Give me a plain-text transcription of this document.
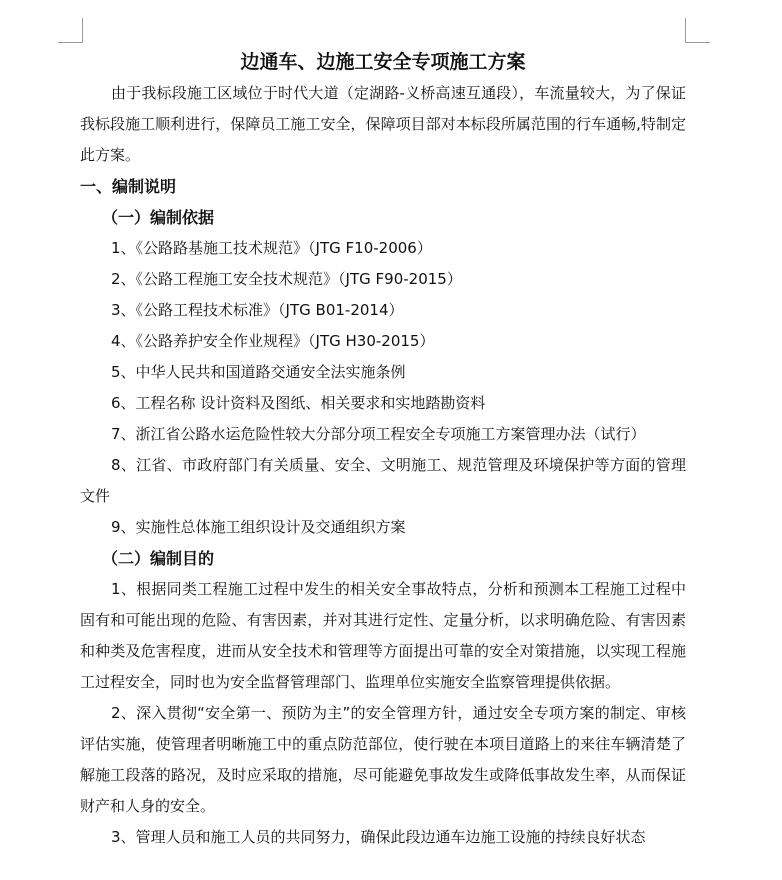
边通车、边施工安全专项施工方案

由于我标段施工区域位于时代大道（定湖路-义桥高速互通段），车流量较大，为了保证我标段施工顺利进行，保障员工施工安全，保障项目部对本标段所属范围的行车通畅,特制定此方案。

一、编制说明
（一）编制依据

1、《公路路基施工技术规范》（JTG F10-2006）

2、《公路工程施工安全技术规范》（JTG F90-2015）

3、《公路工程技术标准》（JTG B01-2014）

4、《公路养护安全作业规程》（JTG H30-2015）

5、中华人民共和国道路交通安全法实施条例

6、工程名称 设计资料及图纸、相关要求和实地踏勘资料

7、浙江省公路水运危险性较大分部分项工程安全专项施工方案管理办法（试行）

8、江省、市政府部门有关质量、安全、文明施工、规范管理及环境保护等方面的管理文件

9、实施性总体施工组织设计及交通组织方案

（二）编制目的

1、根据同类工程施工过程中发生的相关安全事故特点，分析和预测本工程施工过程中固有和可能出现的危险、有害因素，并对其进行定性、定量分析，以求明确危险、有害因素和种类及危害程度，进而从安全技术和管理等方面提出可靠的安全对策措施，以实现工程施工过程安全，同时也为安全监督管理部门、监理单位实施安全监察管理提供依据。

2、深入贯彻“安全第一、预防为主”的安全管理方针，通过安全专项方案的制定、审核评估实施，使管理者明晰施工中的重点防范部位，使行驶在本项目道路上的来往车辆清楚了解施工段落的路况，及时应采取的措施，尽可能避免事故发生或降低事故发生率，从而保证财产和人身的安全。

3、管理人员和施工人员的共同努力，确保此段边通车边施工设施的持续良好状态
